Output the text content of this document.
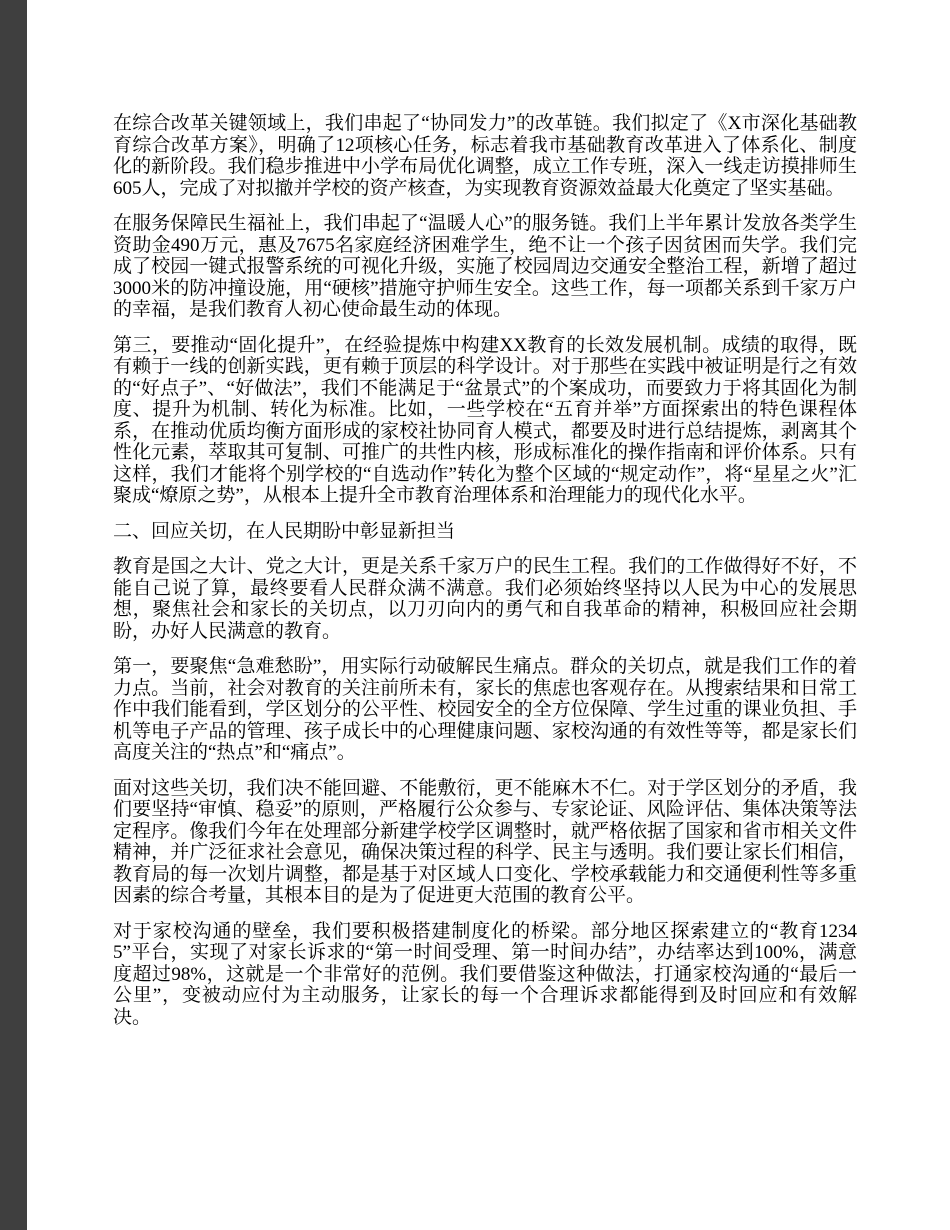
在综合改革关键领域上，我们串起了“协同发力”的改革链。我们拟定了《X市深化基础教育综合改革方案》，明确了12项核心任务，标志着我市基础教育改革进入了体系化、制度化的新阶段。我们稳步推进中小学布局优化调整，成立工作专班，深入一线走访摸排师生605人，完成了对拟撤并学校的资产核查，为实现教育资源效益最大化奠定了坚实基础。

在服务保障民生福祉上，我们串起了“温暖人心”的服务链。我们上半年累计发放各类学生资助金490万元，惠及7675名家庭经济困难学生，绝不让一个孩子因贫困而失学。我们完成了校园一键式报警系统的可视化升级，实施了校园周边交通安全整治工程，新增了超过3000米的防冲撞设施，用“硬核”措施守护师生安全。这些工作，每一项都关系到千家万户的幸福，是我们教育人初心使命最生动的体现。

第三，要推动“固化提升”，在经验提炼中构建XX教育的长效发展机制。成绩的取得，既有赖于一线的创新实践，更有赖于顶层的科学设计。对于那些在实践中被证明是行之有效的“好点子”、“好做法”，我们不能满足于“盆景式”的个案成功，而要致力于将其固化为制度、提升为机制、转化为标准。比如，一些学校在“五育并举”方面探索出的特色课程体系，在推动优质均衡方面形成的家校社协同育人模式，都要及时进行总结提炼，剥离其个性化元素，萃取其可复制、可推广的共性内核，形成标准化的操作指南和评价体系。只有这样，我们才能将个别学校的“自选动作”转化为整个区域的“规定动作”，将“星星之火”汇聚成“燎原之势”，从根本上提升全市教育治理体系和治理能力的现代化水平。

二、回应关切，在人民期盼中彰显新担当

教育是国之大计、党之大计，更是关系千家万户的民生工程。我们的工作做得好不好，不能自己说了算，最终要看人民群众满不满意。我们必须始终坚持以人民为中心的发展思想，聚焦社会和家长的关切点，以刀刃向内的勇气和自我革命的精神，积极回应社会期盼，办好人民满意的教育。

第一，要聚焦“急难愁盼”，用实际行动破解民生痛点。群众的关切点，就是我们工作的着力点。当前，社会对教育的关注前所未有，家长的焦虑也客观存在。从搜索结果和日常工作中我们能看到，学区划分的公平性、校园安全的全方位保障、学生过重的课业负担、手机等电子产品的管理、孩子成长中的心理健康问题、家校沟通的有效性等等，都是家长们高度关注的“热点”和“痛点”。

面对这些关切，我们决不能回避、不能敷衍，更不能麻木不仁。对于学区划分的矛盾，我们要坚持“审慎、稳妥”的原则，严格履行公众参与、专家论证、风险评估、集体决策等法定程序。像我们今年在处理部分新建学校学区调整时，就严格依据了国家和省市相关文件精神，并广泛征求社会意见，确保决策过程的科学、民主与透明。我们要让家长们相信，教育局的每一次划片调整，都是基于对区域人口变化、学校承载能力和交通便利性等多重因素的综合考量，其根本目的是为了促进更大范围的教育公平。

对于家校沟通的壁垒，我们要积极搭建制度化的桥梁。部分地区探索建立的“教育12345”平台，实现了对家长诉求的“第一时间受理、第一时间办结”，办结率达到100%，满意度超过98%，这就是一个非常好的范例。我们要借鉴这种做法，打通家校沟通的“最后一公里”，变被动应付为主动服务，让家长的每一个合理诉求都能得到及时回应和有效解决。
